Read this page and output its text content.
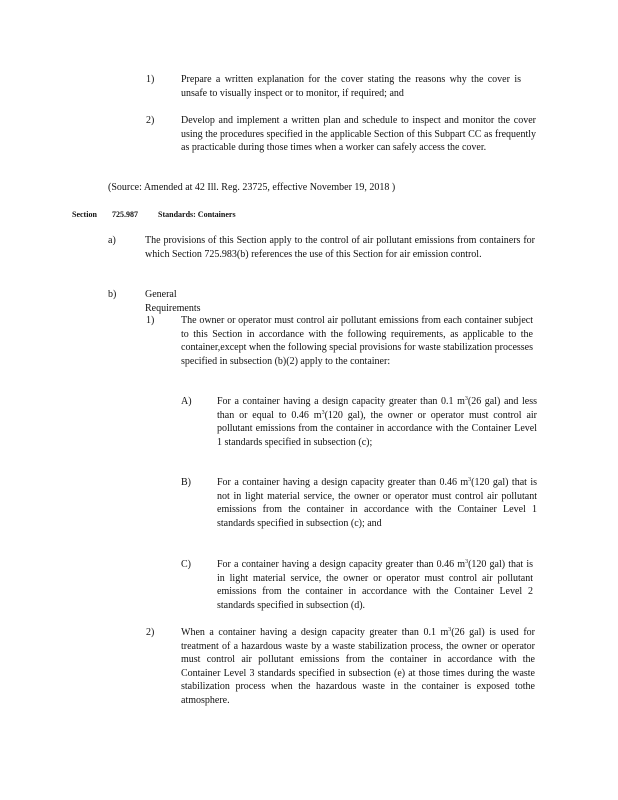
1)	Prepare a written explanation for the cover stating the reasons why the cover is unsafe to visually inspect or to monitor, if required; and
2)	Develop and implement a written plan and schedule to inspect and monitor the cover using the procedures specified in the applicable Section of this Subpart CC as frequently as practicable during those times when a worker can safely access the cover.
(Source: Amended at 42 Ill. Reg. 23725, effective November 19, 2018 )
Section 725.987	Standards: Containers
a)	The provisions of this Section apply to the control of air pollutant emissions from containers for which Section 725.983(b) references the use of this Section for air emission control.
b)	General Requirements
1)	The owner or operator must control air pollutant emissions from each container subject to this Section in accordance with the following requirements, as applicable to the container,except when the following special provisions for waste stabilization processes specified in subsection (b)(2) apply to the container:
A)	For a container having a design capacity greater than 0.1 $m^3(26$ gal) and less than or equal to 0.46 $m^3(120$ gal), the owner or operator must control air pollutant emissions from the container in accordance with the Container Level 1 standards specified in subsection (c);
B)	For a container having a design capacity greater than 0.46 $m^3(120$ gal) that is not in light material service, the owner or operator must control air pollutant emissions from the container in accordance with the Container Level 1 standards specified in subsection (c); and
C)	For a container having a design capacity greater than 0.46 $m^3(120$ gal) that is in light material service, the owner or operator must control air pollutant emissions from the container in accordance with the Container Level 2 standards specified in subsection (d).
2)	When a container having a design capacity greater than 0.1 $m^3(26$ gal) is used for treatment of a hazardous waste by a waste stabilization process, the owner or operator must control air pollutant emissions from the container in accordance with the Container Level 3 standards specified in subsection (e) at those times during the waste stabilization process when the hazardous waste in the container is exposed tothe atmosphere.
